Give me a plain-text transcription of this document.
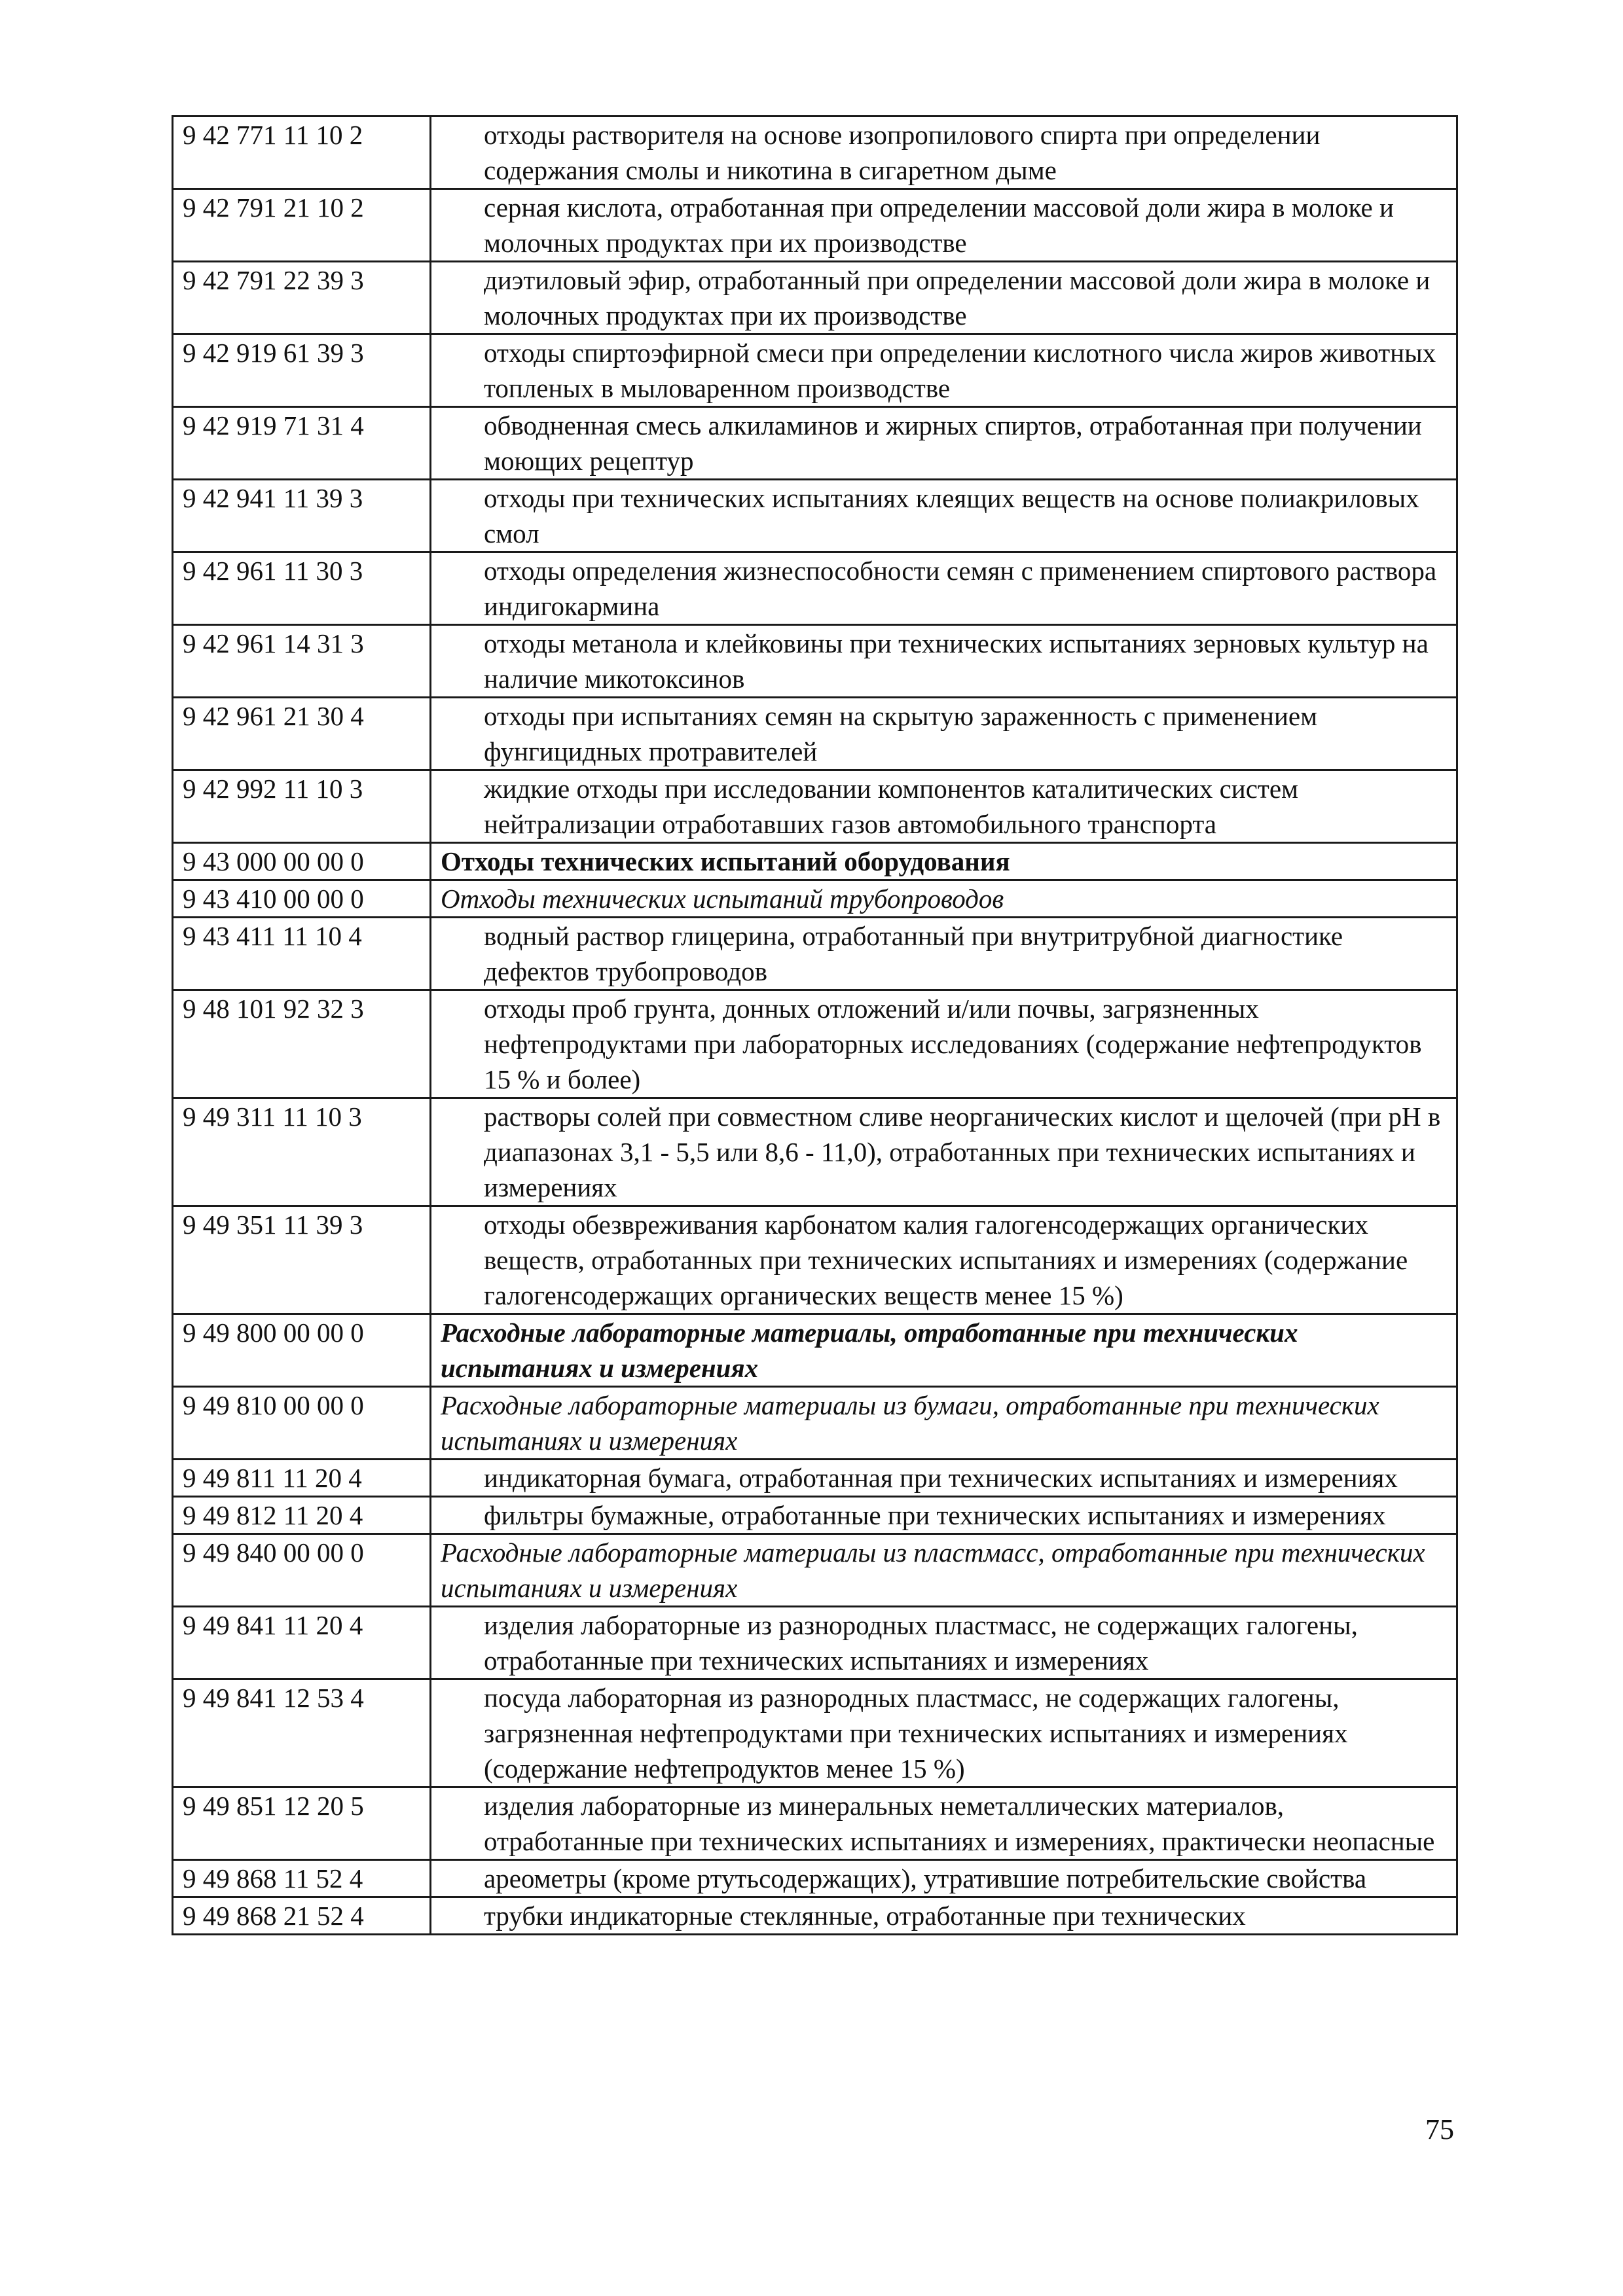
9 42 771 11 10 2	отходы растворителя на основе изопропилового спирта при определении содержания смолы и никотина в сигаретном дыме
9 42 791 21 10 2	серная кислота, отработанная при определении массовой доли жира в молоке и молочных продуктах при их производстве
9 42 791 22 39 3	диэтиловый эфир, отработанный при определении массовой доли жира в молоке и молочных продуктах при их производстве
9 42 919 61 39 3	отходы спиртоэфирной смеси при определении кислотного числа жиров животных топленых в мыловаренном производстве
9 42 919 71 31 4	обводненная смесь алкиламинов и жирных спиртов, отработанная при получении моющих рецептур
9 42 941 11 39 3	отходы при технических испытаниях клеящих веществ на основе полиакриловых смол
9 42 961 11 30 3	отходы определения жизнеспособности семян с применением спиртового раствора индигокармина
9 42 961 14 31 3	отходы метанола и клейковины при технических испытаниях зерновых культур на наличие микотоксинов
9 42 961 21 30 4	отходы при испытаниях семян на скрытую зараженность с применением фунгицидных протравителей
9 42 992 11 10 3	жидкие отходы при исследовании компонентов каталитических систем нейтрализации отработавших газов автомобильного транспорта
9 43 000 00 00 0	Отходы технических испытаний оборудования
9 43 410 00 00 0	Отходы технических испытаний трубопроводов
9 43 411 11 10 4	водный раствор глицерина, отработанный при внутритрубной диагностике дефектов трубопроводов
9 48 101 92 32 3	отходы проб грунта, донных отложений и/или почвы, загрязненных нефтепродуктами при лабораторных исследованиях (содержание нефтепродуктов 15 % и более)
9 49 311 11 10 3	растворы солей при совместном сливе неорганических кислот и щелочей (при pH в диапазонах 3,1 - 5,5 или 8,6 - 11,0), отработанных при технических испытаниях и измерениях
9 49 351 11 39 3	отходы обезвреживания карбонатом калия галогенсодержащих органических веществ, отработанных при технических испытаниях и измерениях (содержание галогенсодержащих органических веществ менее 15 %)
9 49 800 00 00 0	Расходные лабораторные материалы, отработанные при технических испытаниях и измерениях
9 49 810 00 00 0	Расходные лабораторные материалы из бумаги, отработанные при технических испытаниях и измерениях
9 49 811 11 20 4	индикаторная бумага, отработанная при технических испытаниях и измерениях
9 49 812 11 20 4	фильтры бумажные, отработанные при технических испытаниях и измерениях
9 49 840 00 00 0	Расходные лабораторные материалы из пластмасс, отработанные при технических испытаниях и измерениях
9 49 841 11 20 4	изделия лабораторные из разнородных пластмасс, не содержащих галогены, отработанные при технических испытаниях и измерениях
9 49 841 12 53 4	посуда лабораторная из разнородных пластмасс, не содержащих галогены, загрязненная нефтепродуктами при технических испытаниях и измерениях (содержание нефтепродуктов менее 15 %)
9 49 851 12 20 5	изделия лабораторные из минеральных неметаллических материалов, отработанные при технических испытаниях и измерениях, практически неопасные
9 49 868 11 52 4	ареометры (кроме ртутьсодержащих), утратившие потребительские свойства
9 49 868 21 52 4	трубки индикаторные стеклянные, отработанные при технических
75
